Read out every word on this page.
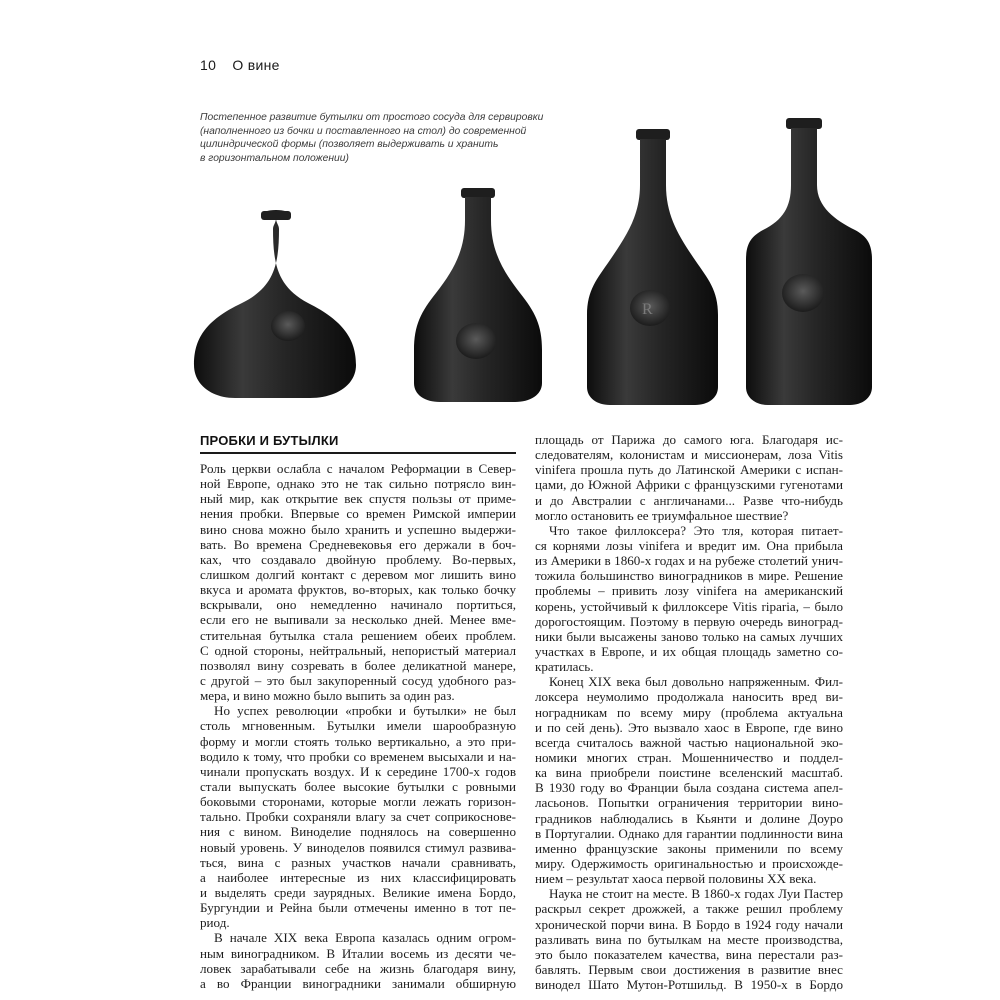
10 О вине
Постепенное развитие бутылки от простого сосуда для сервировки
(наполненного из бочки и поставленного на стол) до современной
цилиндрической формы (позволяет выдерживать и хранить
в горизонтальном положении)
R
ПРОБКИ И БУТЫЛКИ
Роль церкви ослабла с началом Реформации в Север-
ной Европе, однако это не так сильно потрясло вин-
ный мир, как открытие век спустя пользы от приме-
нения пробки. Впервые со времен Римской империи
вино снова можно было хранить и успешно выдержи-
вать. Во времена Средневековья его держали в боч-
ках, что создавало двойную проблему. Во-первых,
слишком долгий контакт с деревом мог лишить вино
вкуса и аромата фруктов, во-вторых, как только бочку
вскрывали, оно немедленно начинало портиться,
если его не выпивали за несколько дней. Менее вме-
стительная бутылка стала решением обеих проблем.
С одной стороны, нейтральный, непористый материал
позволял вину созревать в более деликатной манере,
с другой – это был закупоренный сосуд удобного раз-
мера, и вино можно было выпить за один раз.
Но успех революции «пробки и бутылки» не был
столь мгновенным. Бутылки имели шарообразную
форму и могли стоять только вертикально, а это при-
водило к тому, что пробки со временем высыхали и на-
чинали пропускать воздух. И к середине 1700-х годов
стали выпускать более высокие бутылки с ровными
боковыми сторонами, которые могли лежать горизон-
тально. Пробки сохраняли влагу за счет соприкоснове-
ния с вином. Виноделие поднялось на совершенно
новый уровень. У виноделов появился стимул развива-
ться, вина с разных участков начали сравнивать,
а наиболее интересные из них классифицировать
и выделять среди заурядных. Великие имена Бордо,
Бургундии и Рейна были отмечены именно в тот пе-
риод.
В начале XIX века Европа казалась одним огром-
ным виноградником. В Италии восемь из десяти че-
ловек зарабатывали себе на жизнь благодаря вину,
а во Франции виноградники занимали обширную
площадь от Парижа до самого юга. Благодаря ис-
следователям, колонистам и миссионерам, лоза Vitis
vinifera прошла путь до Латинской Америки с испан-
цами, до Южной Африки с французскими гугенотами
и до Австралии с англичанами... Разве что-нибудь
могло остановить ее триумфальное шествие?
Что такое филлоксера? Это тля, которая питает-
ся корнями лозы vinifera и вредит им. Она прибыла
из Америки в 1860-х годах и на рубеже столетий унич-
тожила большинство виноградников в мире. Решение
проблемы – привить лозу vinifera на американский
корень, устойчивый к филлоксере Vitis riparia, – было
дорогостоящим. Поэтому в первую очередь виноград-
ники были высажены заново только на самых лучших
участках в Европе, и их общая площадь заметно со-
кратилась.
Конец XIX века был довольно напряженным. Фил-
локсера неумолимо продолжала наносить вред ви-
ноградникам по всему миру (проблема актуальна
и по сей день). Это вызвало хаос в Европе, где вино
всегда считалось важной частью национальной эко-
номики многих стран. Мошенничество и поддел-
ка вина приобрели поистине вселенский масштаб.
В 1930 году во Франции была создана система апел-
ласьонов. Попытки ограничения территории вино-
градников наблюдались в Кьянти и долине Доуро
в Португалии. Однако для гарантии подлинности вина
именно французские законы применили по всему
миру. Одержимость оригинальностью и происхожде-
нием – результат хаоса первой половины XX века.
Наука не стоит на месте. В 1860-х годах Луи Пастер
раскрыл секрет дрожжей, а также решил проблему
хронической порчи вина. В Бордо в 1924 году начали
разливать вина по бутылкам на месте производства,
это было показателем качества, вина перестали раз-
бавлять. Первым свои достижения в развитие внес
винодел Шато Мутон-Ротшильд. В 1950-х в Бордо
